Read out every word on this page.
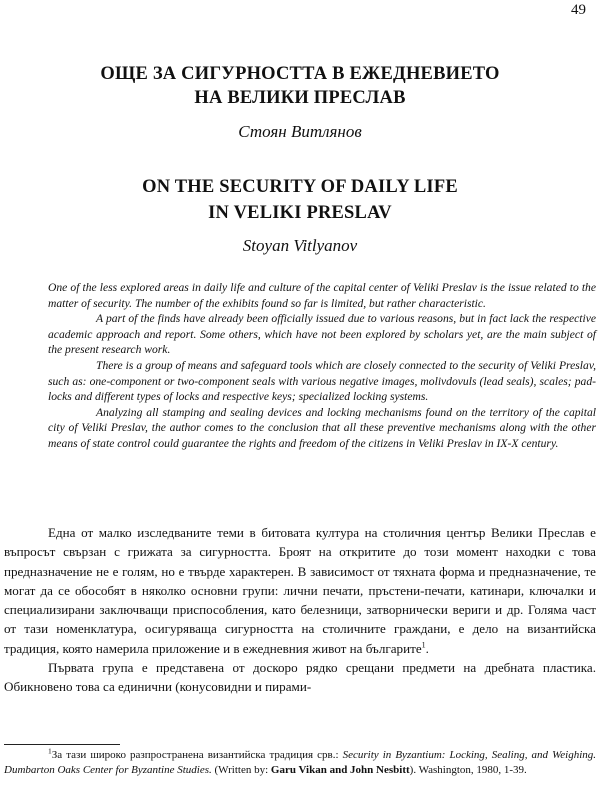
49
ОЩЕ ЗА СИГУРНОСТТА В ЕЖЕДНЕВИЕТО
НА ВЕЛИКИ ПРЕСЛАВ
Стоян Витлянов
ON THE SECURITY OF DAILY LIFE
IN VELIKI PRESLAV
Stoyan Vitlyanov

One of the less explored areas in daily life and culture of the capital center of Veliki Preslav is the issue related to the matter of security. The number of the exhibits found so far is limited, but rather characteristic.

A part of the finds have already been officially issued due to various reasons, but in fact lack the respective academic approach and report. Some others, which have not been explored by scholars yet, are the main subject of the present research work.

There is a group of means and safeguard tools which are closely connected to the security of Veliki Preslav, such as: one-component or two-component seals with various negative images, molivdovuls (lead seals), scales; pad-locks and different types of locks and respective keys; specialized locking systems.

Analyzing all stamping and sealing devices and locking mechanisms found on the territory of the capital city of Veliki Preslav, the author comes to the conclusion that all these preventive mechanisms along with the other means of state control could guarantee the rights and freedom of the citizens in Veliki Preslav in IX-X century.

Една от малко изследваните теми в битовата култура на столичния център Велики Преслав е въпросът свързан с грижата за сигурността. Броят на откритите до този момент находки с това предназначение не е голям, но е твърде характерен. В зависимост от тяхната форма и предназначение, те могат да се обособят в няколко основни групи: лични печати, пръстени-печати, катинари, ключалки и специализирани заключващи приспособления, като белезници, затворнически вериги и др. Голяма част от тази номенклатура, осигуряваща сигурността на столичните граждани, е дело на византийска традиция, която намерила приложение и в ежедневния живот на българите$^1$.

Първата група е представена от доскоро рядко срещани предмети на дребната пластика. Обикновено това са единични (конусовидни и пирами-

$^1$За тази широко разпространена византийска традиция срв.: Security in Byzantium: Locking, Sealing, and Weighing. Dumbarton Oaks Center for Byzantine Studies. (Written by: Garu Vikan and John Nesbitt). Washington, 1980, 1-39.
